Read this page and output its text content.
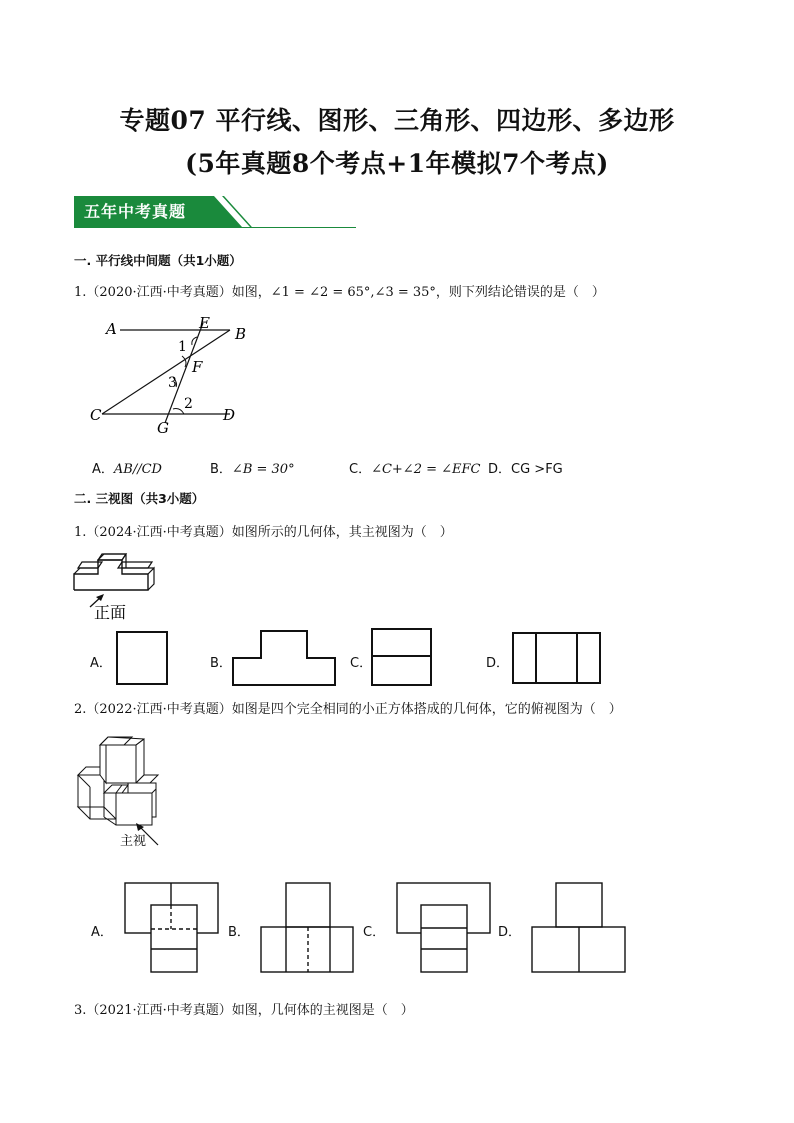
专题07 平行线、图形、三角形、四边形、多边形
(5年真题8个考点+1年模拟7个考点)
五年中考真题
一. 平行线中间题（共1小题）
1.（2020·江西·中考真题）如图，∠1 = ∠2 = 65°,∠3 = 35°，则下列结论错误的是（　）
A	E
B
1
F
3
2
C	D
G
A．AB//CD	B．∠B = 30°	C．∠C+∠2 = ∠EFC D．CG >FG
二. 三视图（共3小题）
1.（2024·江西·中考真题）如图所示的几何体，其主视图为（　）
正面
A．	B．	C．	D．
2.（2022·江西·中考真题）如图是四个完全相同的小正方体搭成的几何体，它的俯视图为（　）
主视
A．	B．	C．	D．
3.（2021·江西·中考真题）如图，几何体的主视图是（　）
